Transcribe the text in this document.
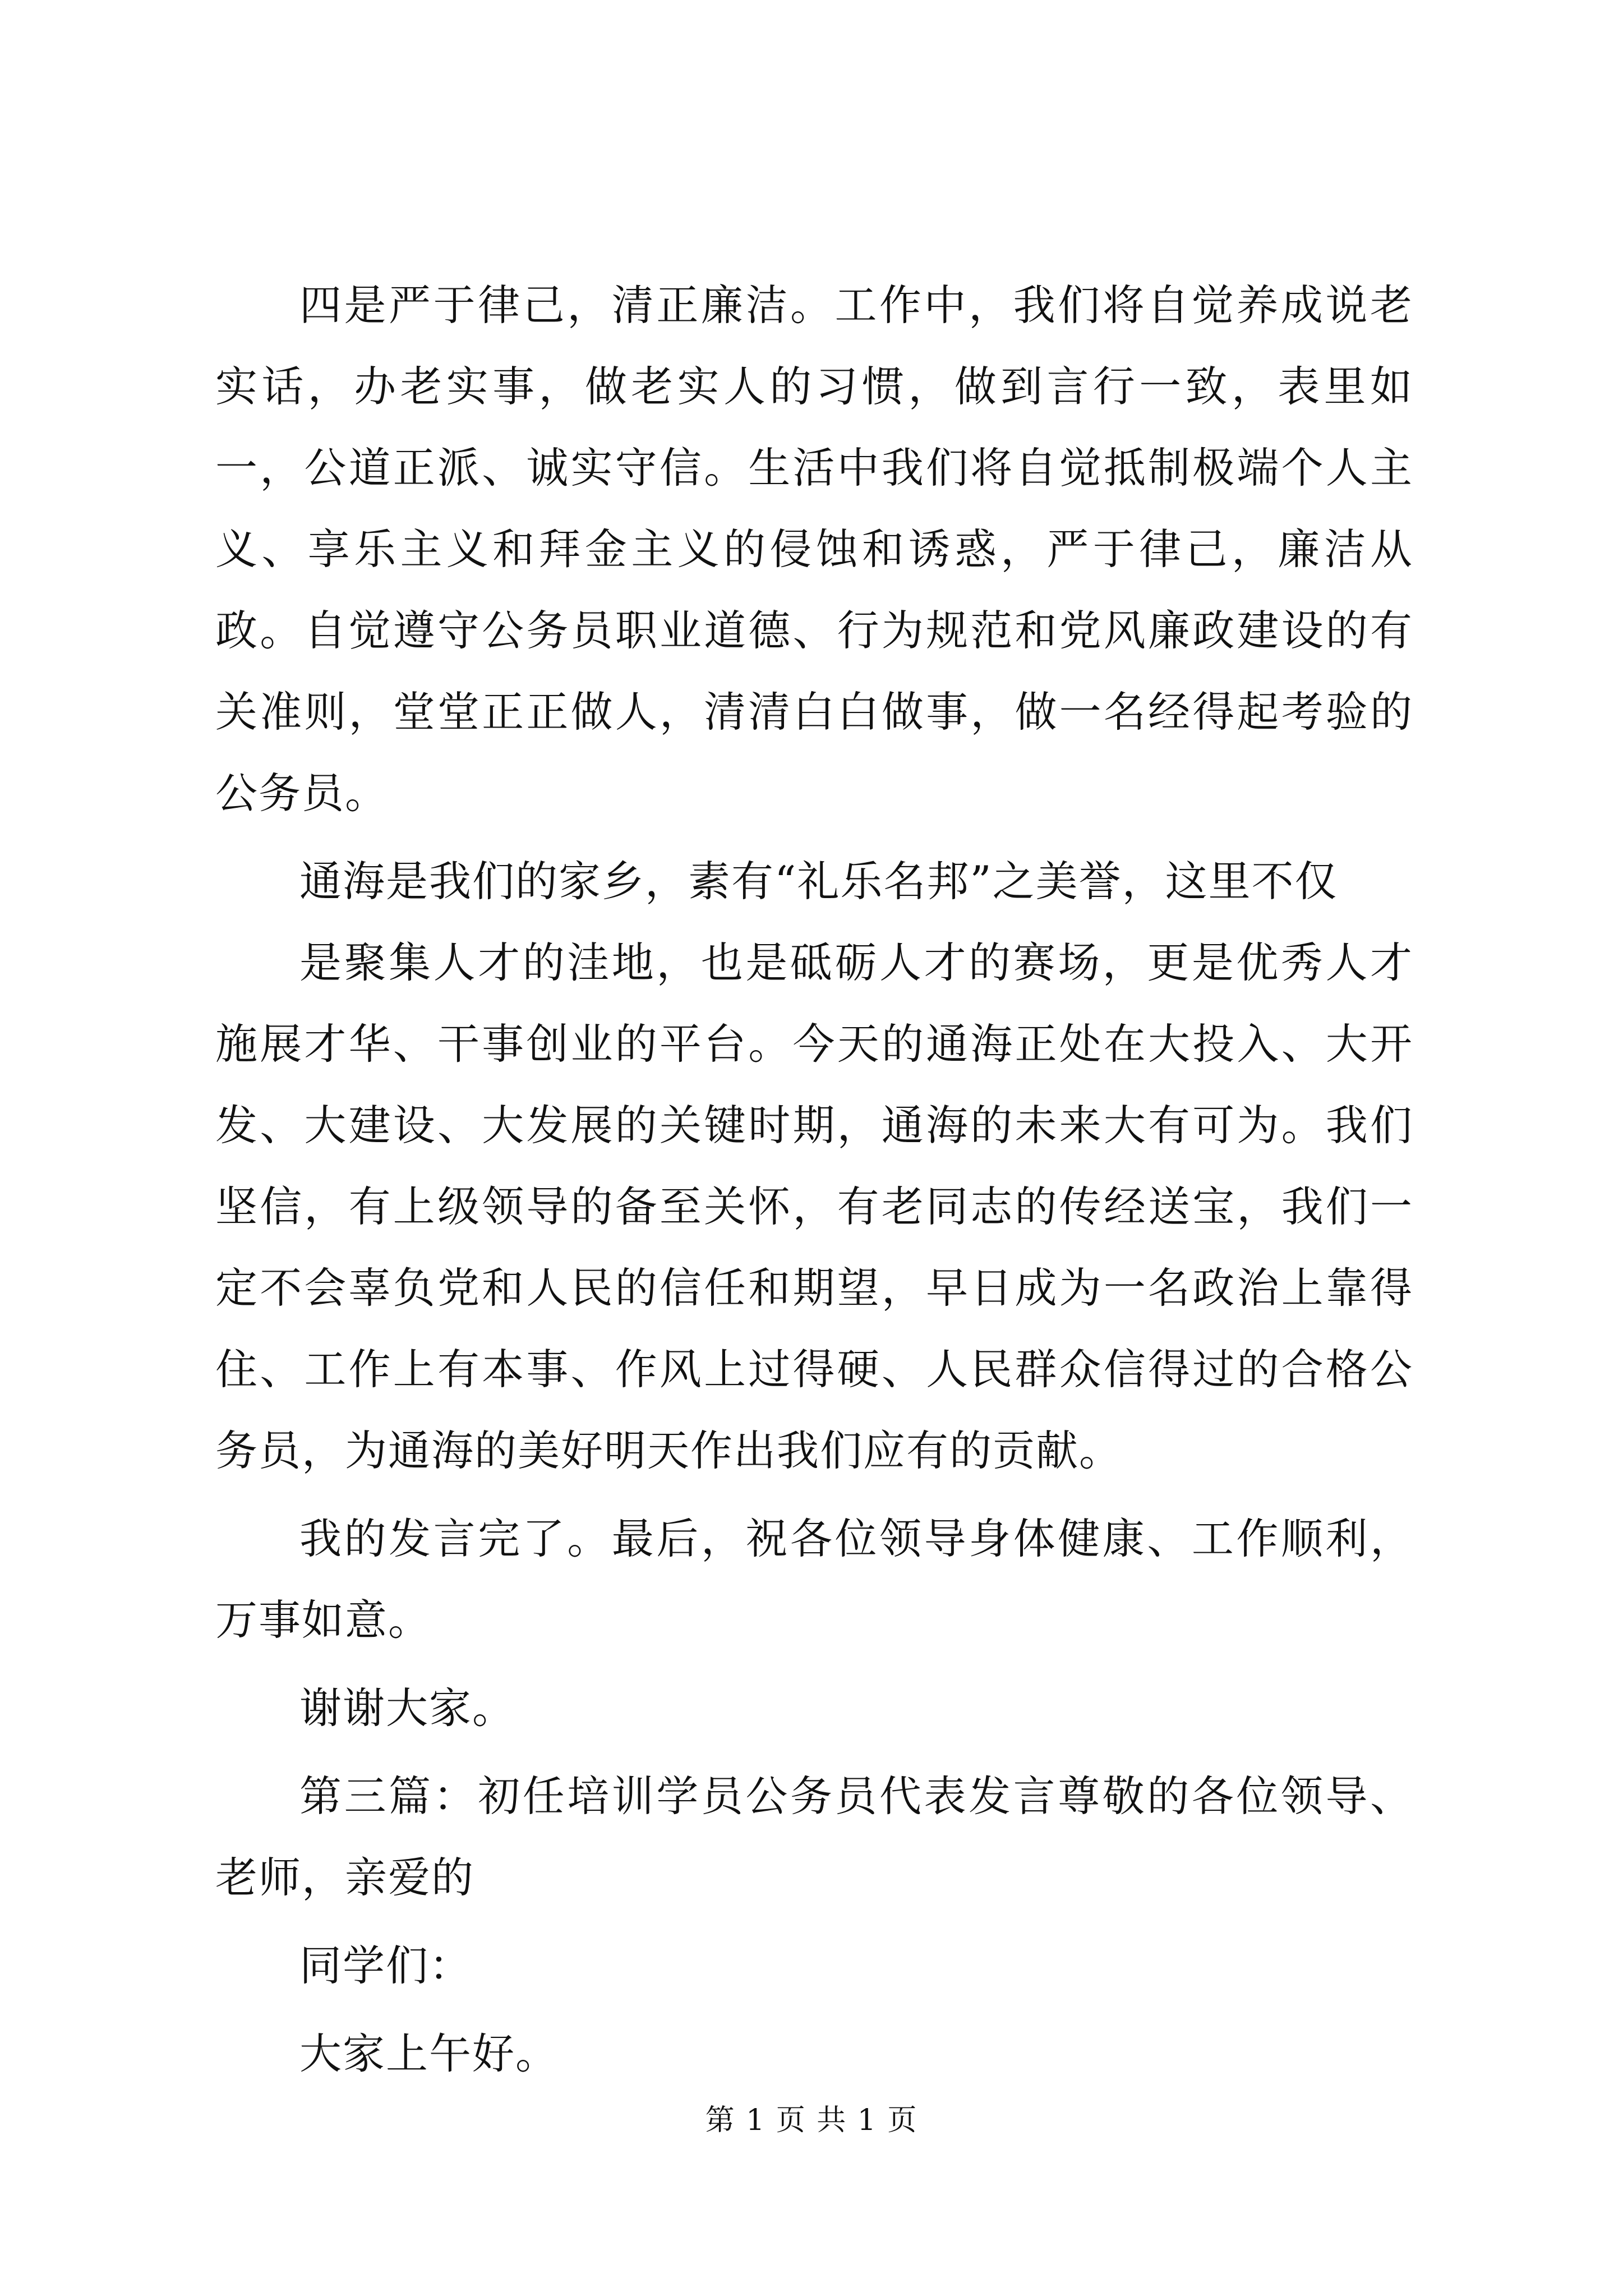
四是严于律己，清正廉洁。工作中，我们将自觉养成说老实话，办老实事，做老实人的习惯，做到言行一致，表里如一，公道正派、诚实守信。生活中我们将自觉抵制极端个人主义、享乐主义和拜金主义的侵蚀和诱惑，严于律己，廉洁从政。自觉遵守公务员职业道德、行为规范和党风廉政建设的有关准则，堂堂正正做人，清清白白做事，做一名经得起考验的公务员。

通海是我们的家乡，素有“礼乐名邦”之美誉，这里不仅

是聚集人才的洼地，也是砥砺人才的赛场，更是优秀人才施展才华、干事创业的平台。今天的通海正处在大投入、大开发、大建设、大发展的关键时期，通海的未来大有可为。我们坚信，有上级领导的备至关怀，有老同志的传经送宝，我们一定不会辜负党和人民的信任和期望，早日成为一名政治上靠得住、工作上有本事、作风上过得硬、人民群众信得过的合格公务员，为通海的美好明天作出我们应有的贡献。

我的发言完了。最后，祝各位领导身体健康、工作顺利，万事如意。

谢谢大家。

第三篇：初任培训学员公务员代表发言尊敬的各位领导、老师，亲爱的

同学们：

大家上午好。

第 1 页 共 1 页
